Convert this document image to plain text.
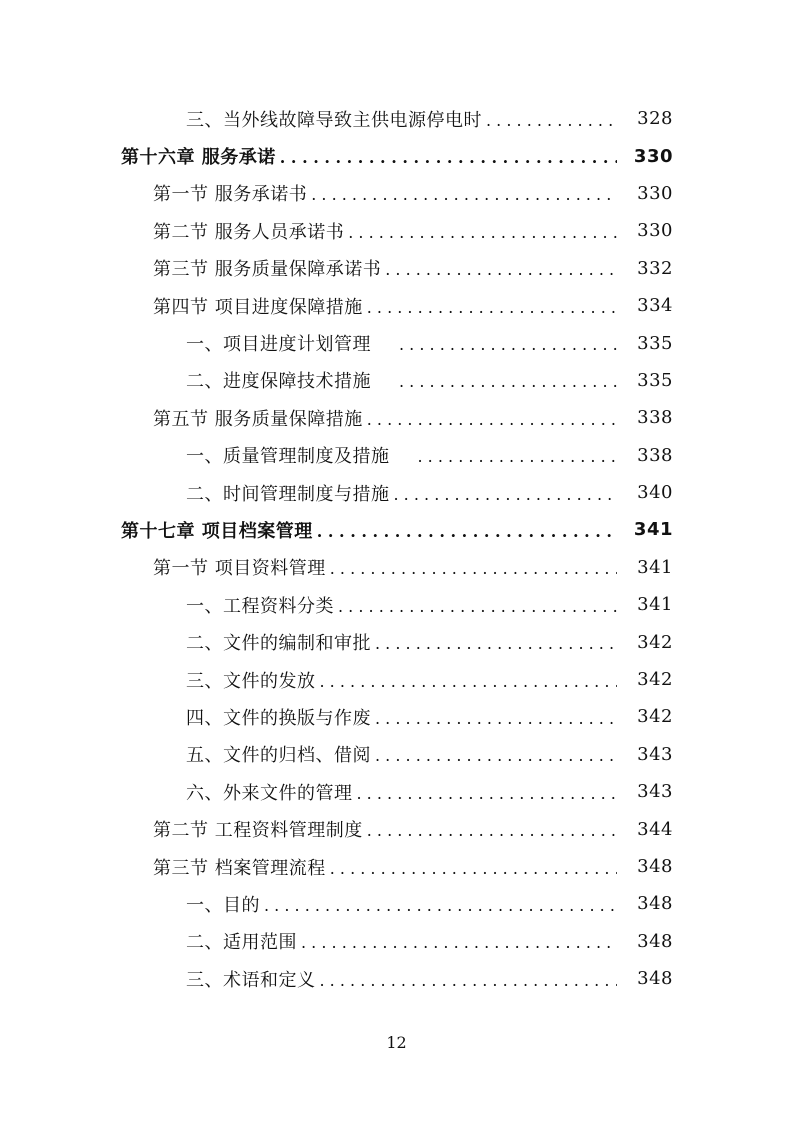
三、当外线故障导致主供电源停电时 . . .	328
第十六章 服务承诺 . . .	330
第一节 服务承诺书 . . .	330
第二节 服务人员承诺书 . . .	330
第三节 服务质量保障承诺书 . . .	332
第四节 项目进度保障措施 . . .	334
一、项目进度计划管理 . . .	335
二、进度保障技术措施 . . .	335
第五节 服务质量保障措施 . . .	338
一、质量管理制度及措施 . . .	338
二、时间管理制度与措施 . . .	340
第十七章 项目档案管理 . . .	341
第一节 项目资料管理 . . .	341
一、工程资料分类 . . .	341
二、文件的编制和审批 . . .	342
三、文件的发放 . . .	342
四、文件的换版与作废 . . .	342
五、文件的归档、借阅 . . .	343
六、外来文件的管理 . . .	343
第二节 工程资料管理制度 . . .	344
第三节 档案管理流程 . . .	348
一、目的 . . .	348
二、适用范围 . . .	348
三、术语和定义 . . .	348
12
